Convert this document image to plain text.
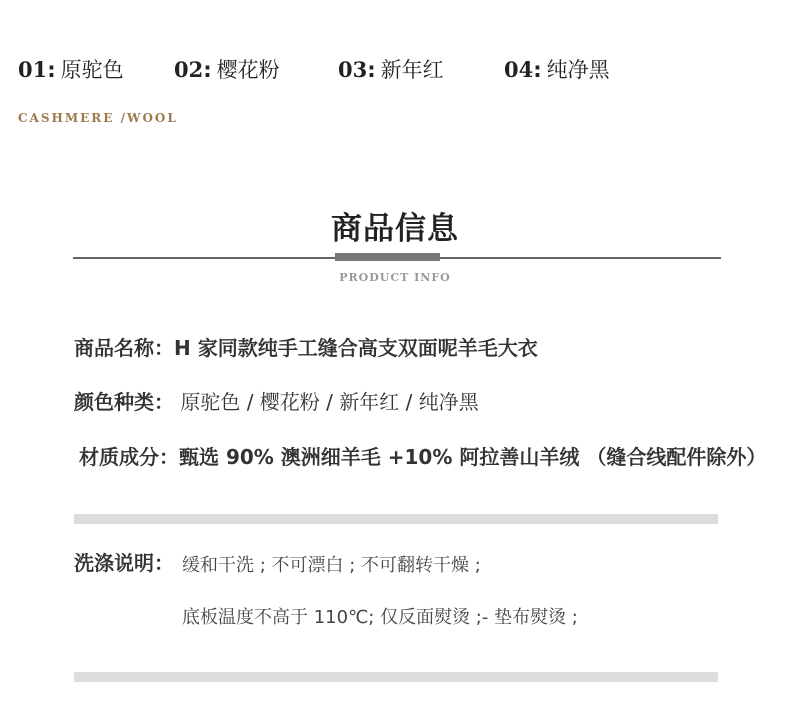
01: 原驼色 02: 樱花粉	03: 新年红	04: 纯净黑
CASHMERE /WOOL
商品信息
PRODUCT INFO
商品名称：H 家同款纯手工缝合高支双面呢羊毛大衣
颜色种类： 原驼色 / 樱花粉 / 新年红 / 纯净黑
材质成分：甄选 90% 澳洲细羊毛 +10% 阿拉善山羊绒 （缝合线配件除外）
洗涤说明： 缓和干洗 ; 不可漂白 ; 不可翻转干燥 ;
底板温度不高于 110℃; 仅反面熨烫 ;- 垫布熨烫 ;
